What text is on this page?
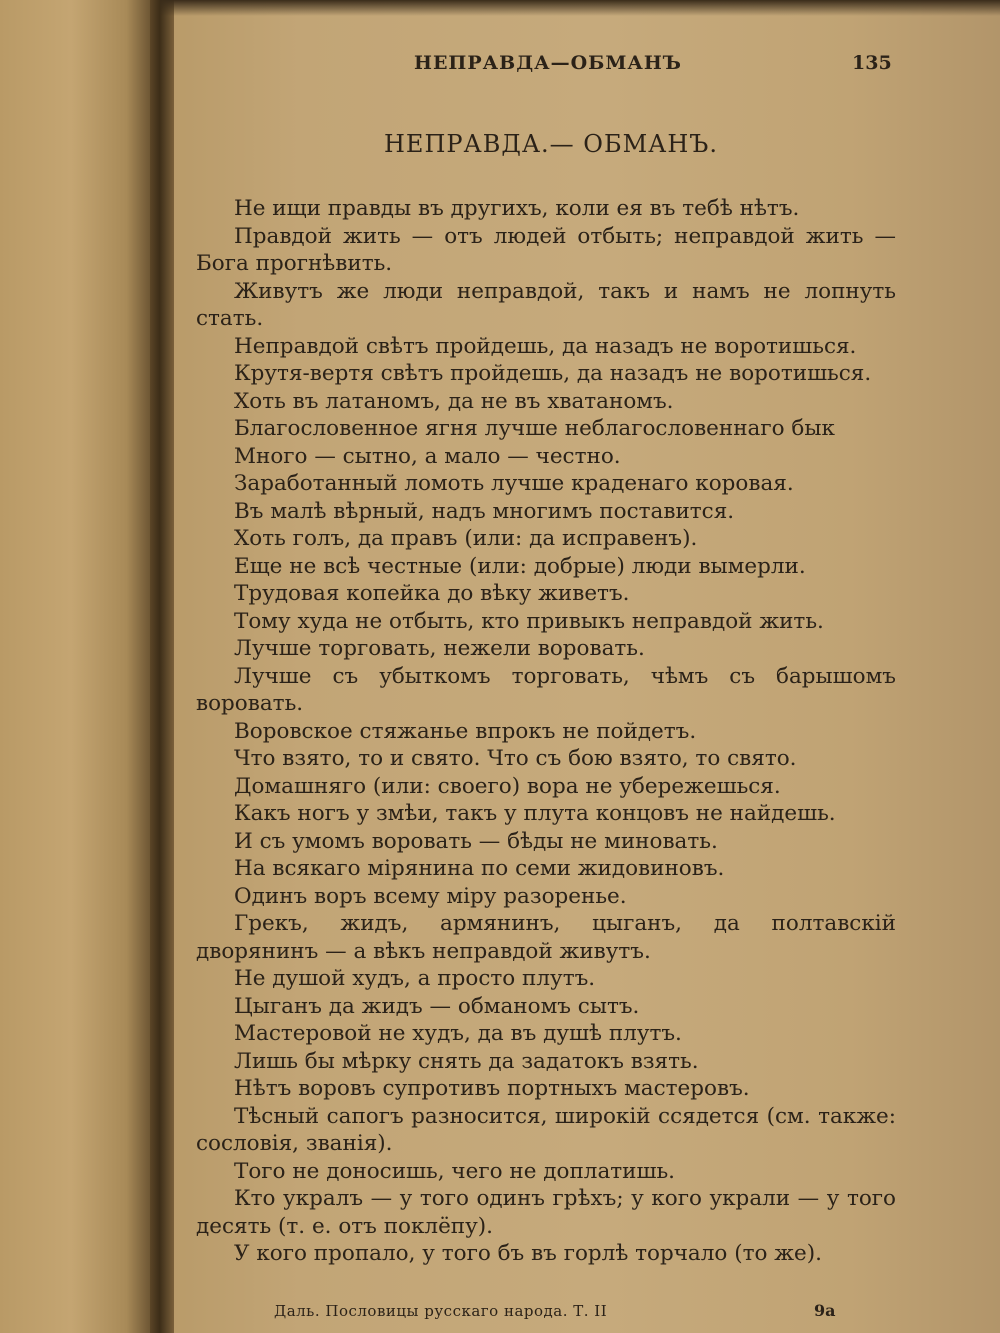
НЕПРАВДА—ОБМАНЪ	135
НЕПРАВДА.— ОБМАНЪ.

Не ищи правды въ другихъ, коли ея въ тебѣ нѣтъ.

Правдой жить — отъ людей отбыть; неправдой жить — Бога прогнѣвить.

Живутъ же люди неправдой, такъ и намъ не лопнуть стать.

Неправдой свѣтъ пройдешь, да назадъ не воротишься.

Крутя-вертя свѣтъ пройдешь, да назадъ не воротишься.

Хоть въ латаномъ, да не въ хватаномъ.

Благословенное ягня лучше неблагословеннаго бык

Много — сытно, а мало — честно.

Заработанный ломоть лучше краденаго коровая.

Въ малѣ вѣрный, надъ многимъ поставится.

Хоть голъ, да правъ (или: да исправенъ).

Еще не всѣ честные (или: добрые) люди вымерли.

Трудовая копейка до вѣку живетъ.

Тому худа не отбыть, кто привыкъ неправдой жить.

Лучше торговать, нежели воровать.

Лучше съ убыткомъ торговать, чѣмъ съ барышомъ воровать.

Воровское стяжанье впрокъ не пойдетъ.

Что взято, то и свято. Что съ бою взято, то свято.

Домашняго (или: своего) вора не убережешься.

Какъ ногъ у змѣи, такъ у плута концовъ не найдешь.

И съ умомъ воровать — бѣды не миновать.

На всякаго мірянина по семи жидовиновъ.

Одинъ воръ всему міру разоренье.

Грекъ, жидъ, армянинъ, цыганъ, да полтавскій дворянинъ — а вѣкъ неправдой живутъ.

Не душой худъ, а просто плутъ.

Цыганъ да жидъ — обманомъ сытъ.

Мастеровой не худъ, да въ душѣ плутъ.

Лишь бы мѣрку снять да задатокъ взять.

Нѣтъ воровъ супротивъ портныхъ мастеровъ.

Тѣсный сапогъ разносится, широкій ссядется (см. также: сословія, званія).

Того не доносишь, чего не доплатишь.

Кто укралъ — у того одинъ грѣхъ; у кого украли — у того десять (т. е. отъ поклёпу).

У кого пропало, у того бъ въ горлѣ торчало (то же).

Даль. Пословицы русскаго народа. Т. II	9а
